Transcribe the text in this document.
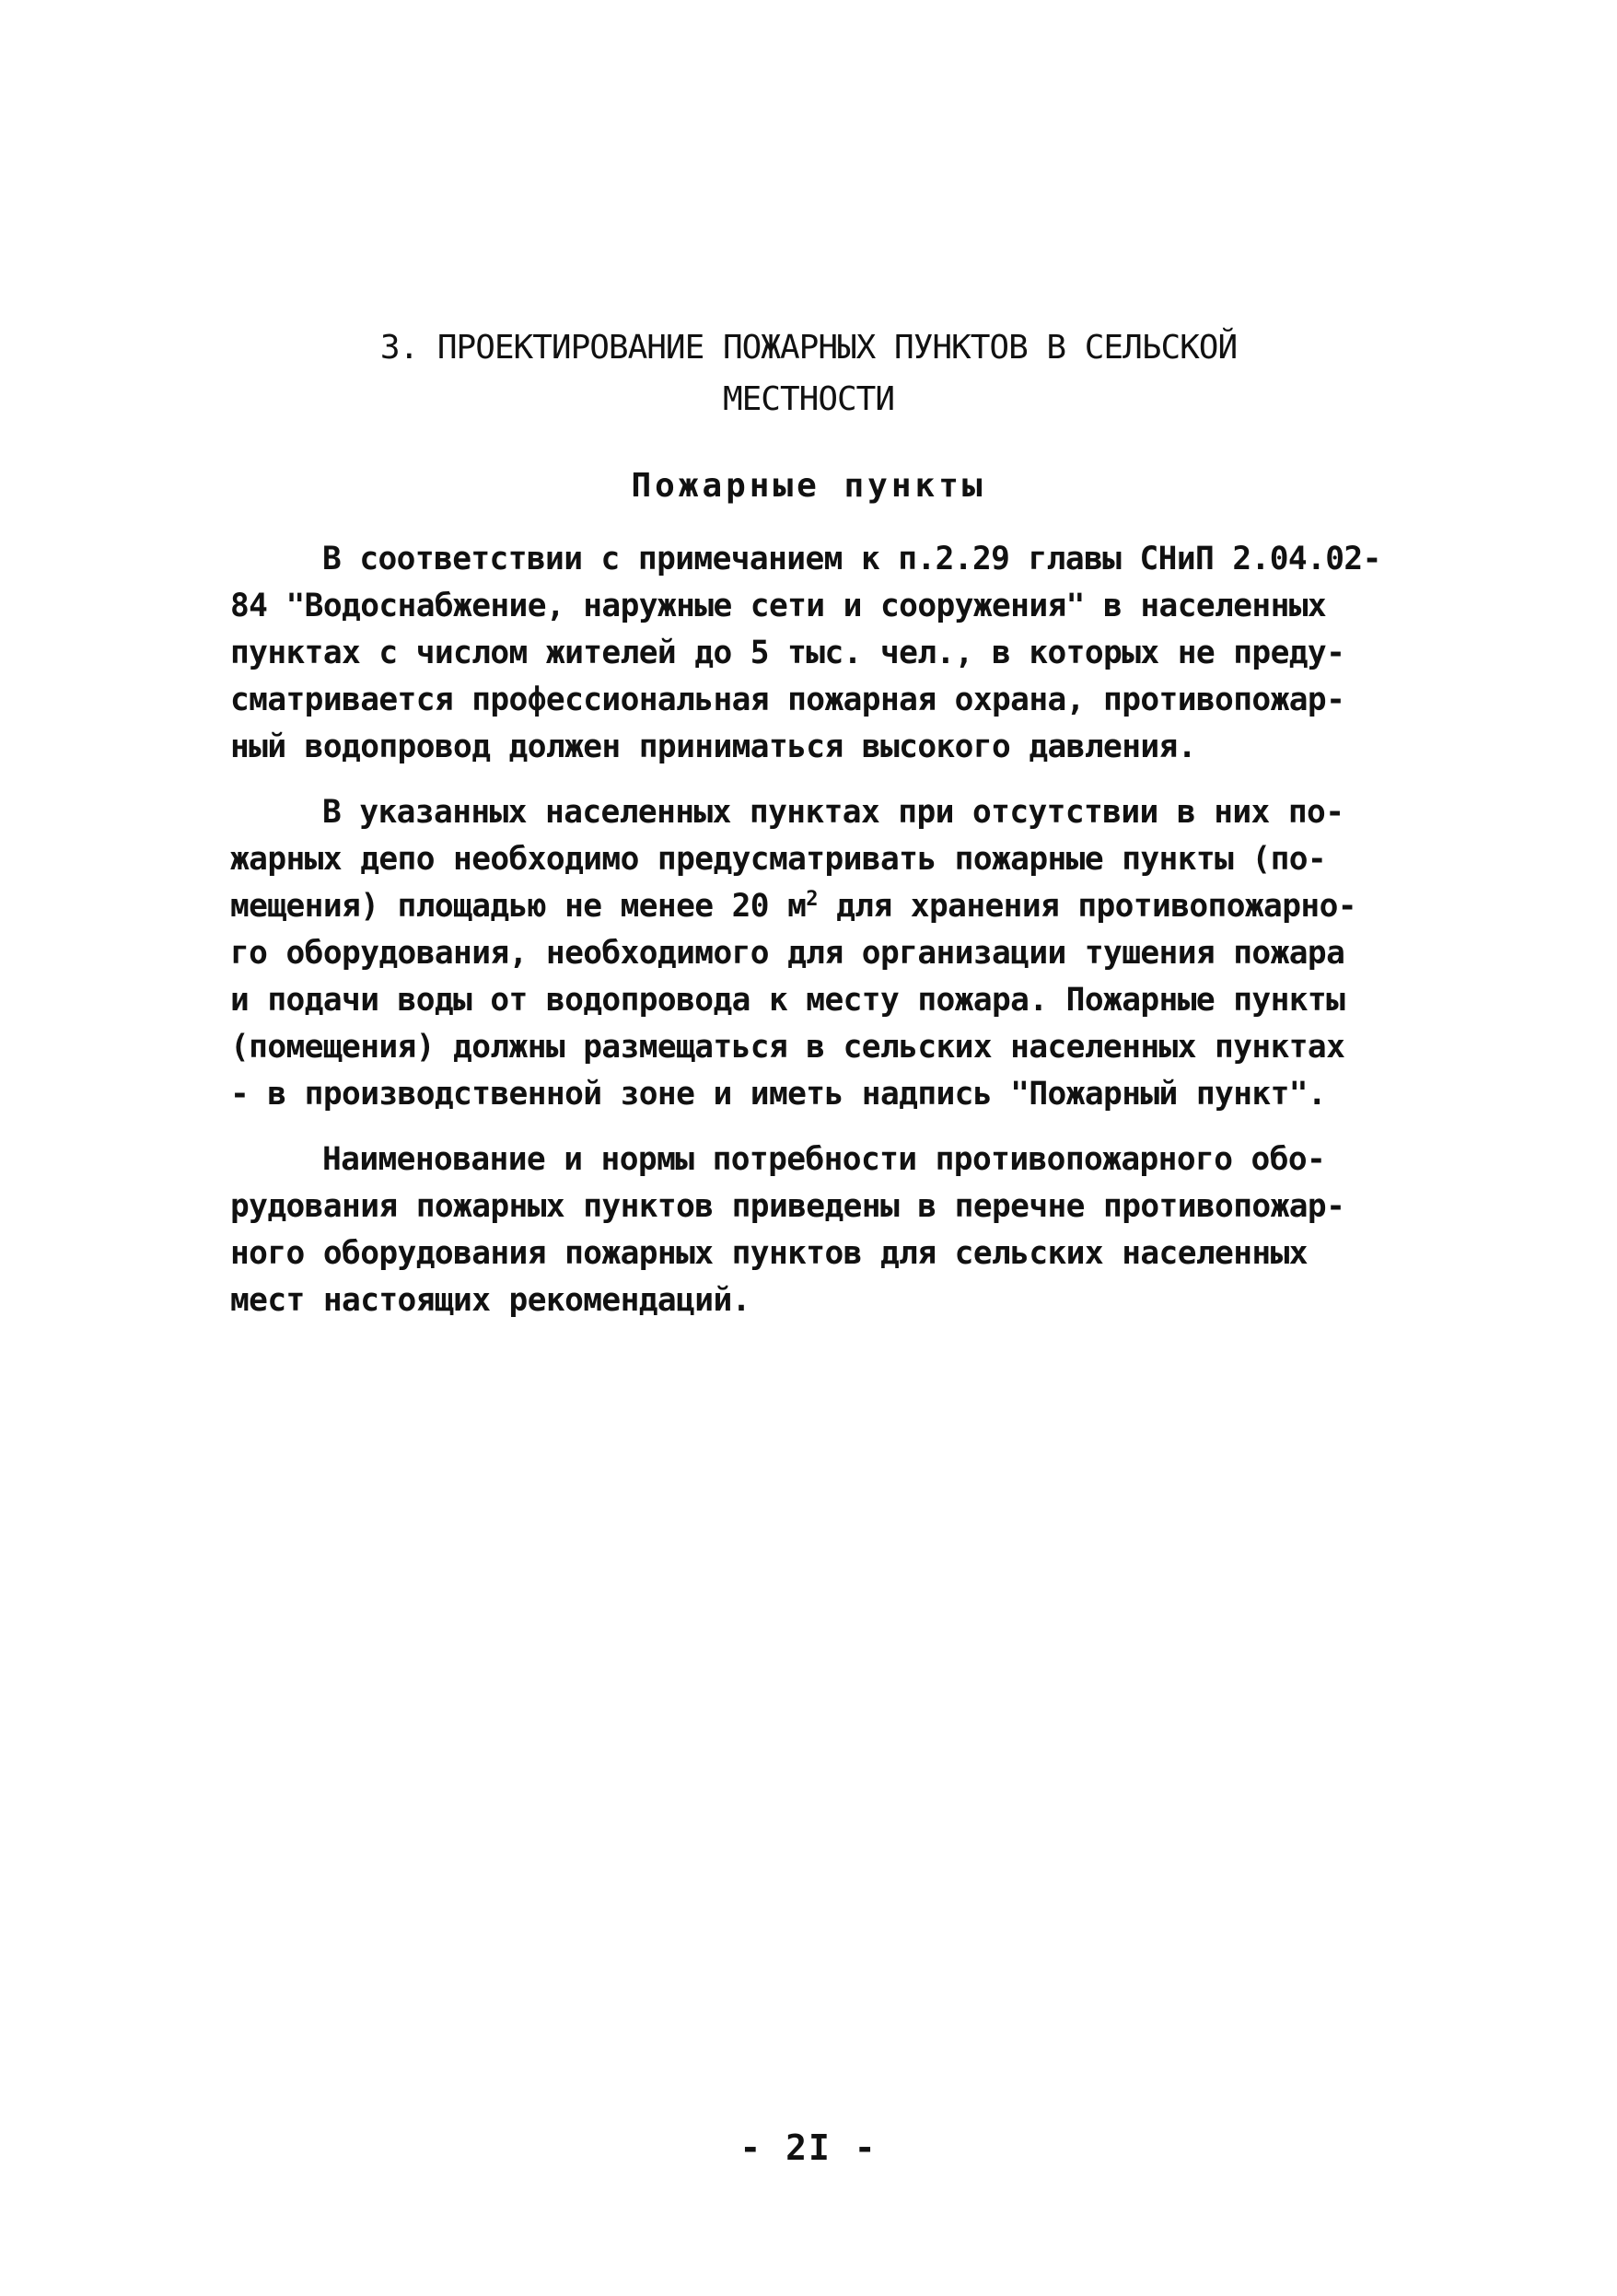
3. ПРОЕКТИРОВАНИЕ ПОЖАРНЫХ ПУНКТОВ В СЕЛЬСКОЙ
МЕСТНОСТИ
Пожарные пункты
В соответствии с примечанием к п.2.29 главы СНиП 2.04.02-
84 "Водоснабжение, наружные сети и сооружения" в населенных
пунктах с числом жителей до 5 тыс. чел., в которых не преду-
сматривается профессиональная пожарная охрана, противопожар-
ный водопровод должен приниматься высокого давления.
В указанных населенных пунктах при отсутствии в них по-
жарных депо необходимо предусматривать пожарные пункты (по-
мещения) площадью не менее 20 $м^2$ для хранения противопожарно-
го оборудования, необходимого для организации тушения пожара
и подачи воды от водопровода к месту пожара. Пожарные пункты
(помещения) должны размещаться в сельских населенных пунктах
- в производственной зоне и иметь надпись "Пожарный пункт".
Наименование и нормы потребности противопожарного обо-
рудования пожарных пунктов приведены в перечне противопожар-
ного оборудования пожарных пунктов для сельских населенных
мест настоящих рекомендаций.
- 2I -
